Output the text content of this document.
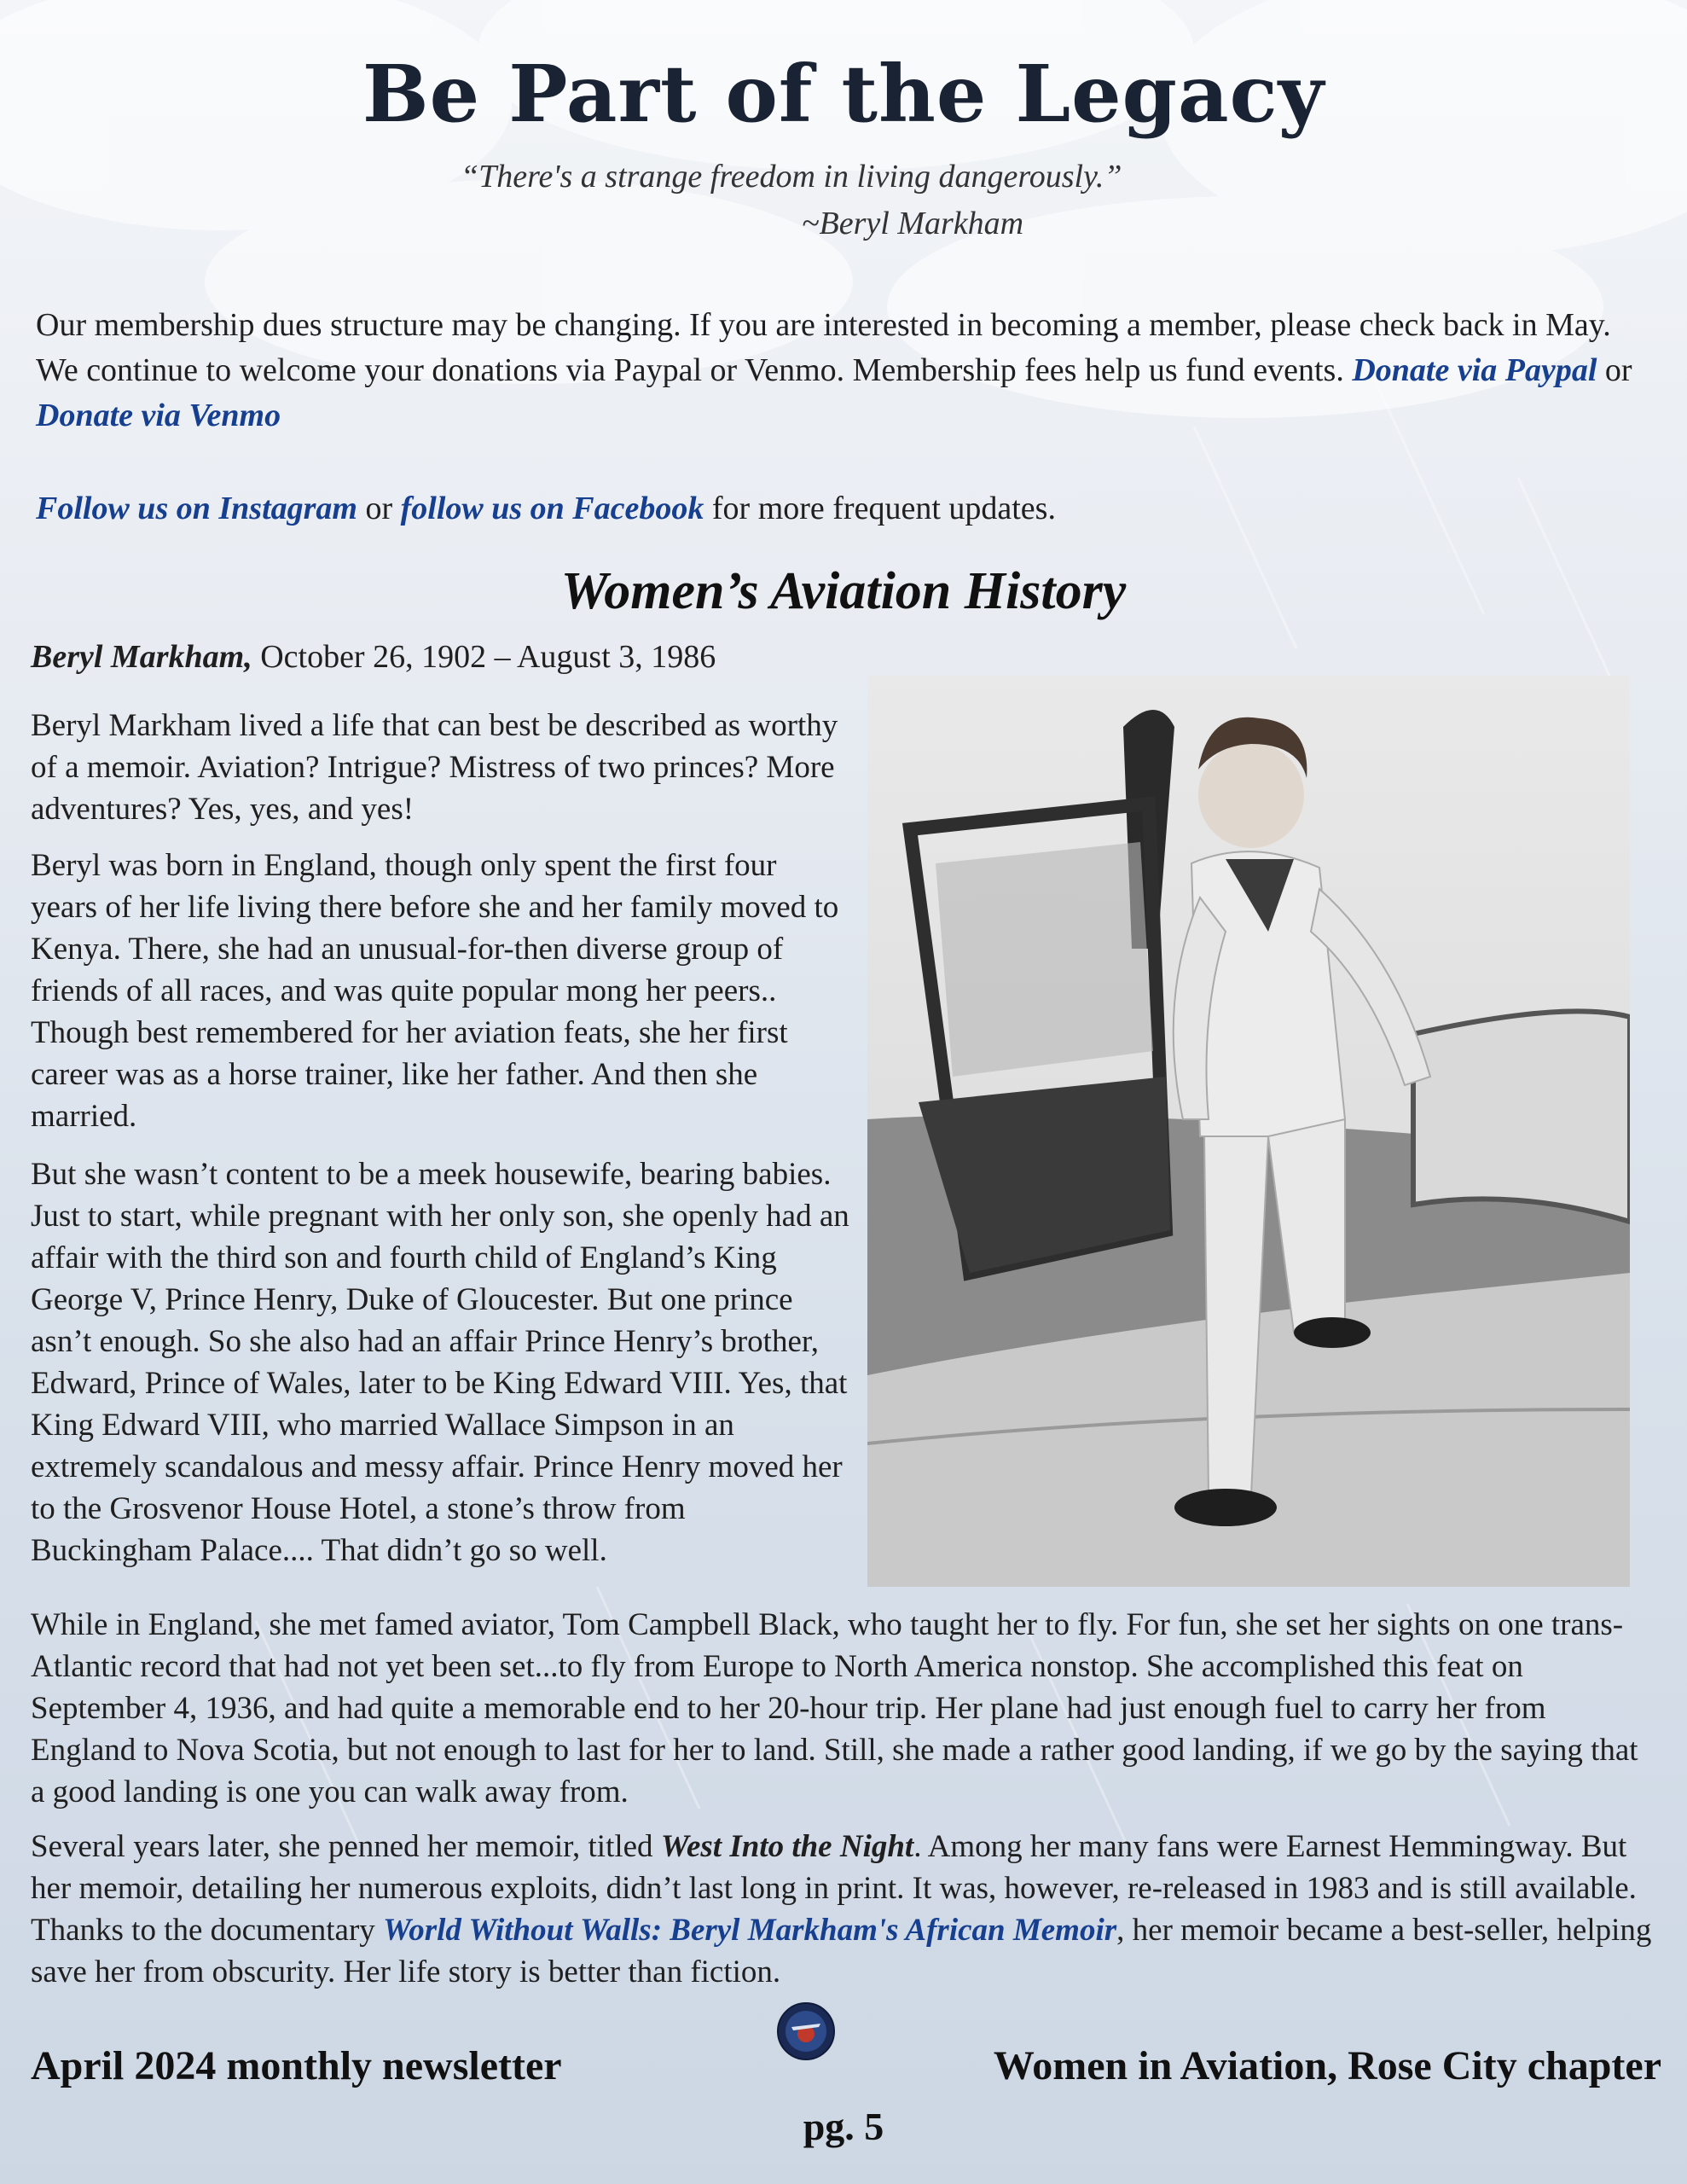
Be Part of the Legacy
“There's a strange freedom in living dangerously.”
~Beryl Markham

Our membership dues structure may be changing. If you are interested in becoming a member, please check back in May. We continue to welcome your donations via Paypal or Venmo. Membership fees help us fund events. Donate via Paypal or Donate via Venmo

Follow us on Instagram or follow us on Facebook for more frequent updates.

Women’s Aviation History
Beryl Markham, October 26, 1902 – August 3, 1986

Beryl Markham lived a life that can best be described as worthy of a memoir. Aviation? Intrigue? Mistress of two princes? More adventures? Yes, yes, and yes!

Beryl was born in England, though only spent the first four years of her life living there before she and her family moved to Kenya. There, she had an unusual-for-then diverse group of friends of all races, and was quite popular mong her peers.. Though best remembered for her aviation feats, she her first career was as a horse trainer, like her father. And then she married.

But she wasn’t content to be a meek housewife, bearing babies. Just to start, while pregnant with her only son, she openly had an affair with the third son and fourth child of England’s King George V, Prince Henry, Duke of Gloucester. But one prince asn’t enough. So she also had an affair Prince Henry’s brother, Edward, Prince of Wales, later to be King Edward VIII. Yes, that King Edward VIII, who married Wallace Simpson in an extremely scandalous and messy affair. Prince Henry moved her to the Grosvenor House Hotel, a stone’s throw from Buckingham Palace.... That didn’t go so well.

While in England, she met famed aviator, Tom Campbell Black, who taught her to fly. For fun, she set her sights on one trans-Atlantic record that had not yet been set...to fly from Europe to North America nonstop. She accomplished this feat on September 4, 1936, and had quite a memorable end to her 20-hour trip. Her plane had just enough fuel to carry her from England to Nova Scotia, but not enough to last for her to land. Still, she made a rather good landing, if we go by the saying that a good landing is one you can walk away from.

Several years later, she penned her memoir, titled West Into the Night. Among her many fans were Earnest Hemmingway. But her memoir, detailing her numerous exploits, didn’t last long in print. It was, however, re-released in 1983 and is still available. Thanks to the documentary World Without Walls: Beryl Markham's African Memoir, her memoir became a best-seller, helping save her from obscurity. Her life story is better than fiction.

April 2024 monthly newsletter	Women in Aviation, Rose City chapter
pg. 5
